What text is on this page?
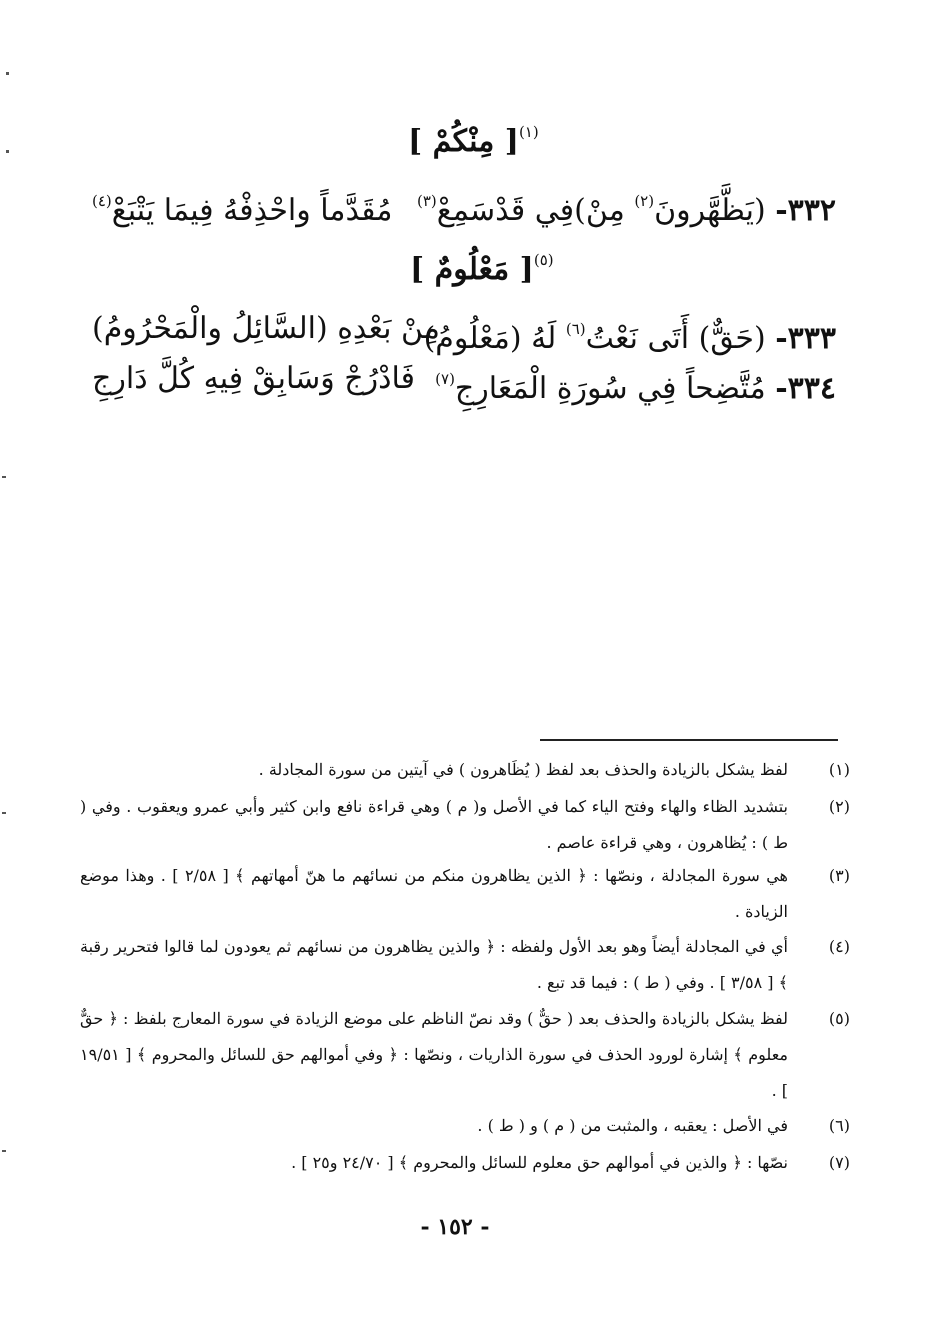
$^{(١)}$[ مِنْكُمْ ]
٣٣٢- (يَظَّهَّرونَ$^{(٢)}$ مِنْ)فِي قَدْسَمِعْ$^{(٣)}$
مُقَدَّماً واحْذِفْهُ فِيمَا يَتْبَعْ$^{(٤)}$
$^{(٥)}$[ مَعْلُومٌ ]
٣٣٣- (حَقٌّ) أَتَى نَعْتُ$^{(٦)}$ لَهُ (مَعْلُومُ)
مِنْ بَعْدِهِ (السَّائِلُ والْمَحْرُومُ)
٣٣٤- مُتَّضِحاً فِي سُورَةِ الْمَعَارِجِ$^{(٧)}$
فَادْرُجْ وَسَابِقْ فِيهِ كُلَّ دَارِجِ
(١)
لفظ يشكل بالزيادة والحذف بعد لفظ ( يُظَاهرون ) في آيتين من سورة المجادلة .
(٢)
بتشديد الظاء والهاء وفتح الياء كما في الأصل و( م ) وهي قراءة نافع وابن كثير وأبي عمرو ويعقوب . وفي ( ط ) : يُظاهرون ، وهي قراءة عاصم .
(٣)
هي سورة المجادلة ، ونصّها : ﴿ الذين يظاهرون منكم من نسائهم ما هنّ أمهاتهم ﴾ [ ٢/٥٨ ] . وهذا موضع الزيادة .
(٤)
أي في المجادلة أيضاً وهو بعد الأول ولفظه : ﴿ والذين يظاهرون من نسائهم ثم يعودون لما قالوا فتحرير رقبة ﴾ [ ٣/٥٨ ] . وفي ( ط ) : فيما قد تبع .
(٥)
لفظ يشكل بالزيادة والحذف بعد ( حقٌّ ) وقد نصّ الناظم على موضع الزيادة في سورة المعارج بلفظ : ﴿ حقٌّ معلوم ﴾ إشارة لورود الحذف في سورة الذاريات ، ونصّها : ﴿ وفي أموالهم حق للسائل والمحروم ﴾ [ ١٩/٥١ ] .
(٦)
في الأصل : يعقبه ، والمثبت من ( م ) و ( ط ) .
(٧)
نصّها : ﴿ والذين في أموالهم حق معلوم للسائل والمحروم ﴾ [ ٢٤/٧٠ و٢٥ ] .
- ١٥٢ -
